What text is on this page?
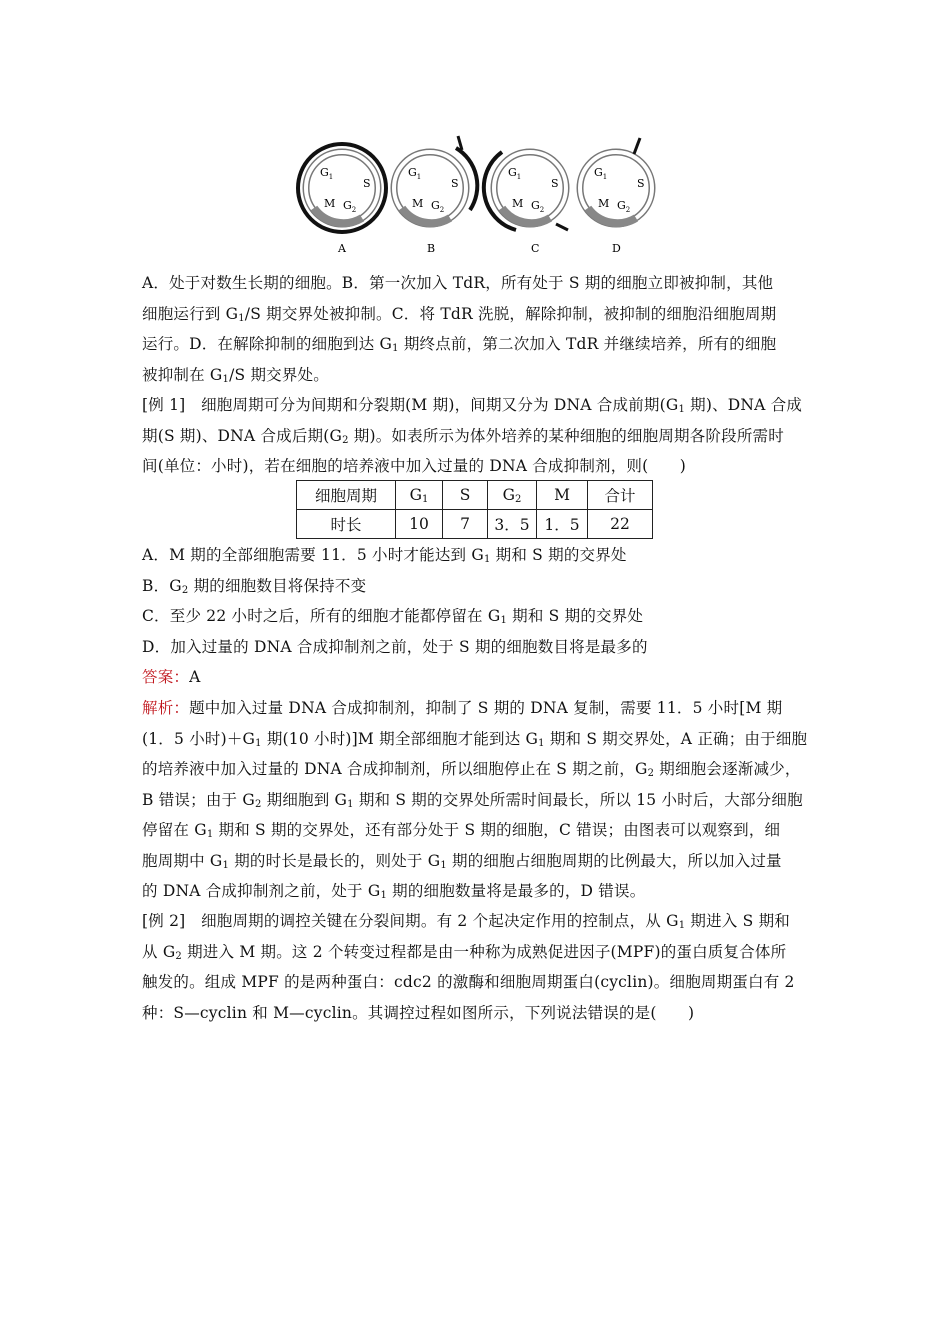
$G_1$	S
M $G_2$
A
$G_1$	S
M $G_2$
B
$G_1$	S
M $G_2$
C
$G_1$	S
M $G_2$
D
A．处于对数生长期的细胞。B．第一次加入 TdR，所有处于 S 期的细胞立即被抑制，其他
细胞运行到 $G_1/S$ 期交界处被抑制。C．将 TdR 洗脱，解除抑制，被抑制的细胞沿细胞周期
运行。D．在解除抑制的细胞到达 $G_1$ 期终点前，第二次加入 TdR 并继续培养，所有的细胞
被抑制在 $G_1/S$ 期交界处。
[例 1]　细胞周期可分为间期和分裂期(M 期)，间期又分为 DNA 合成前期($G_1$ 期)、DNA 合成
期(S 期)、DNA 合成后期($G_2$ 期)。如表所示为体外培养的某种细胞的细胞周期各阶段所需时
间(单位：小时)，若在细胞的培养液中加入过量的 DNA 合成抑制剂，则(　　)
细胞周期	$G_1$	S	$G_2$	M	合计
时长	10	7	3．5	1．5	22
A．M 期的全部细胞需要 11．5 小时才能达到 $G_1$ 期和 S 期的交界处
B．$G_2$ 期的细胞数目将保持不变
C．至少 22 小时之后，所有的细胞才能都停留在 $G_1$ 期和 S 期的交界处
D．加入过量的 DNA 合成抑制剂之前，处于 S 期的细胞数目将是最多的
答案：A
解析：题中加入过量 DNA 合成抑制剂，抑制了 S 期的 DNA 复制，需要 11．5 小时[M 期
(1．5 小时)$+G_1$ 期(10 小时)]M 期全部细胞才能到达 $G_1$ 期和 S 期交界处，A 正确；由于细胞
的培养液中加入过量的 DNA 合成抑制剂，所以细胞停止在 S 期之前，$G_2$ 期细胞会逐渐减少，
B 错误；由于 $G_2$ 期细胞到 $G_1$ 期和 S 期的交界处所需时间最长，所以 15 小时后，大部分细胞
停留在 $G_1$ 期和 S 期的交界处，还有部分处于 S 期的细胞，C 错误；由图表可以观察到，细
胞周期中 $G_1$ 期的时长是最长的，则处于 $G_1$ 期的细胞占细胞周期的比例最大，所以加入过量
的 DNA 合成抑制剂之前，处于 $G_1$ 期的细胞数量将是最多的，D 错误。
[例 2]　细胞周期的调控关键在分裂间期。有 2 个起决定作用的控制点，从 $G_1$ 期进入 S 期和
从 $G_2$ 期进入 M 期。这 2 个转变过程都是由一种称为成熟促进因子(MPF)的蛋白质复合体所
触发的。组成 MPF 的是两种蛋白：cdc2 的激酶和细胞周期蛋白(cyclin)。细胞周期蛋白有 2
种：S—cyclin 和 M—cyclin。其调控过程如图所示，下列说法错误的是(　　)
